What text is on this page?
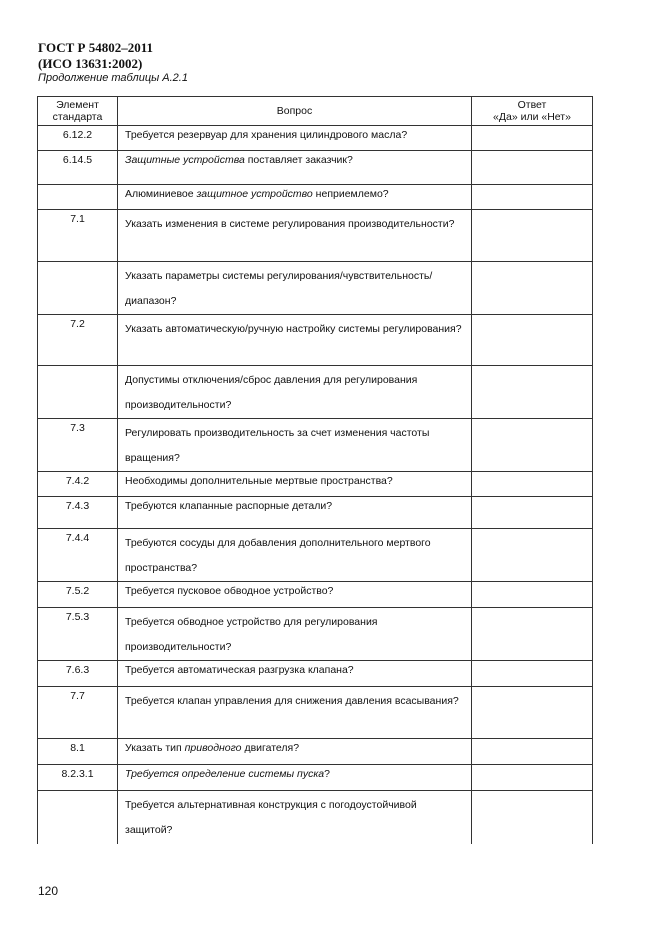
ГОСТ Р 54802–2011
(ИСО 13631:2002)
Продолжение таблицы А.2.1
Элемент стандарта	Вопрос	Ответ
«Да» или «Нет»
6.12.2	Требуется резервуар для хранения цилиндрового масла?	
6.14.5	Защитные устройства поставляет заказчик?	
	Алюминиевое защитное устройство неприемлемо?	
7.1	Указать изменения в системе регулирования производительности?	
	Указать параметры системы регулирования/чувствительность/ диапазон?	
7.2	Указать автоматическую/ручную настройку системы регулирования?	
	Допустимы отключения/сброс давления для регулирования производительности?	
7.3	Регулировать производительность за счет изменения частоты вращения?	
7.4.2	Необходимы дополнительные мертвые пространства?	
7.4.3	Требуются клапанные распорные детали?	
7.4.4	Требуются сосуды для добавления дополнительного мертвого пространства?	
7.5.2	Требуется пусковое обводное устройство?	
7.5.3	Требуется обводное устройство для регулирования производительности?	
7.6.3	Требуется автоматическая разгрузка клапана?	
7.7	Требуется клапан управления для снижения давления всасывания?	
8.1	Указать тип приводного двигателя?	
8.2.3.1	Требуется определение системы пуска?	
	Требуется альтернативная конструкция с погодоустойчивой защитой?	
120
